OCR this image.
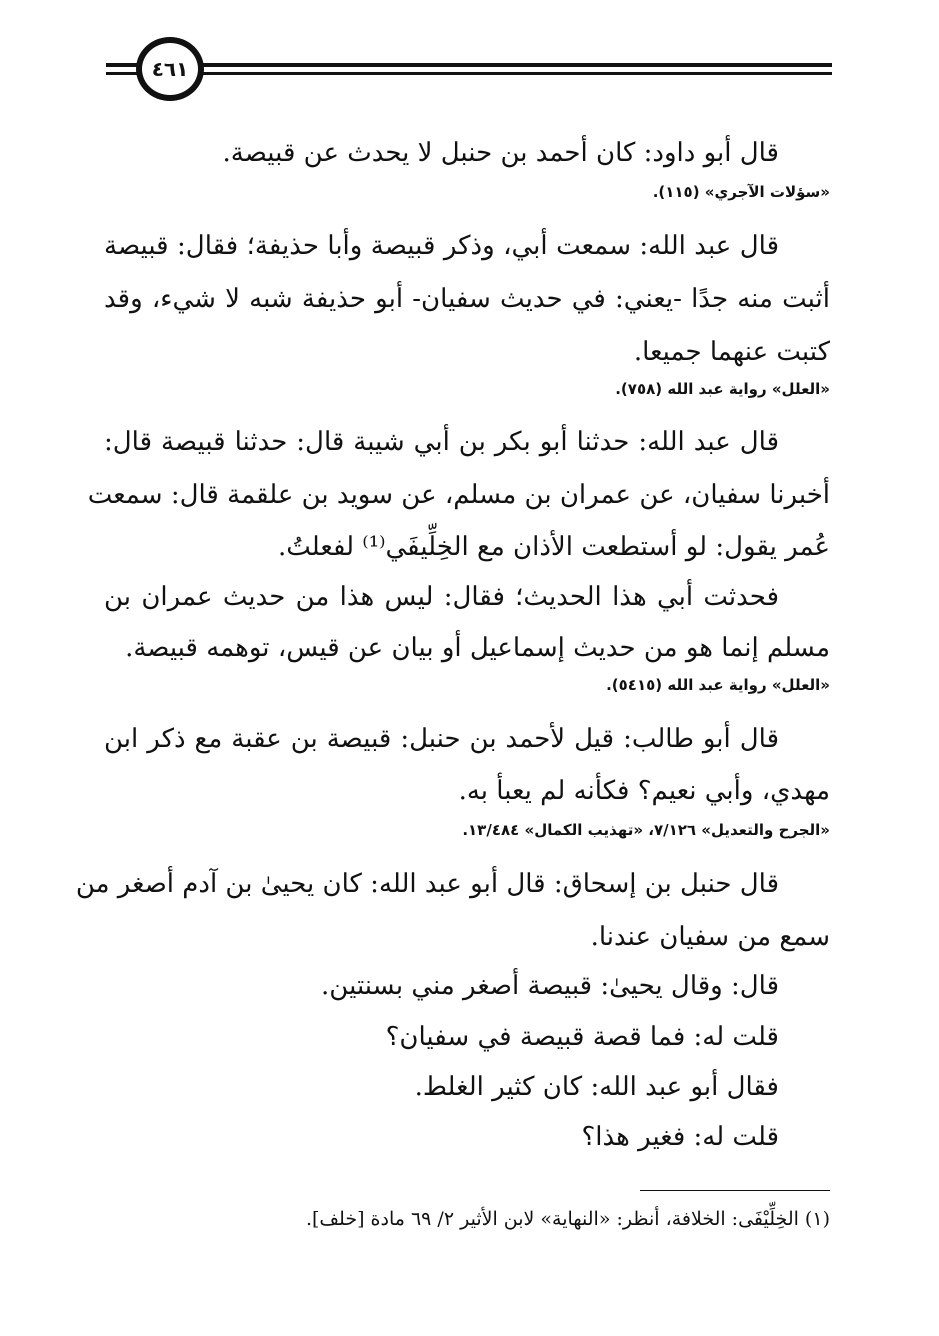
٤٦١
قال أبو داود: كان أحمد بن حنبل لا يحدث عن قبيصة.
«سؤلات الآجري» (١١٥).
قال عبد الله: سمعت أبي، وذكر قبيصة وأبا حذيفة؛ فقال: قبيصة
أثبت منه جدًا -يعني: في حديث سفيان- أبو حذيفة شبه لا شيء، وقد
كتبت عنهما جميعا.
«العلل» رواية عبد الله (٧٥٨).
قال عبد الله: حدثنا أبو بكر بن أبي شيبة قال: حدثنا قبيصة قال:
أخبرنا سفيان، عن عمران بن مسلم، عن سويد بن علقمة قال: سمعت
عُمر يقول: لو أستطعت الأذان مع الخِلِّيفَي⁽¹⁾ لفعلتُ.
فحدثت أبي هذا الحديث؛ فقال: ليس هذا من حديث عمران بن
مسلم إنما هو من حديث إسماعيل أو بيان عن قيس، توهمه قبيصة.
«العلل» رواية عبد الله (٥٤١٥).
قال أبو طالب: قيل لأحمد بن حنبل: قبيصة بن عقبة مع ذكر ابن
مهدي، وأبي نعيم؟ فكأنه لم يعبأ به.
«الجرح والتعديل» ٧/١٢٦، «تهذيب الكمال» ١٣/٤٨٤.
قال حنبل بن إسحاق: قال أبو عبد الله: كان يحيىٰ بن آدم أصغر من
سمع من سفيان عندنا.
قال: وقال يحيىٰ: قبيصة أصغر مني بسنتين.
قلت له: فما قصة قبيصة في سفيان؟
فقال أبو عبد الله: كان كثير الغلط.
قلت له: فغير هذا؟
(١) الخِلِّيْفَى: الخلافة، أنظر: «النهاية» لابن الأثير ٢/ ٦٩ مادة [خلف].
